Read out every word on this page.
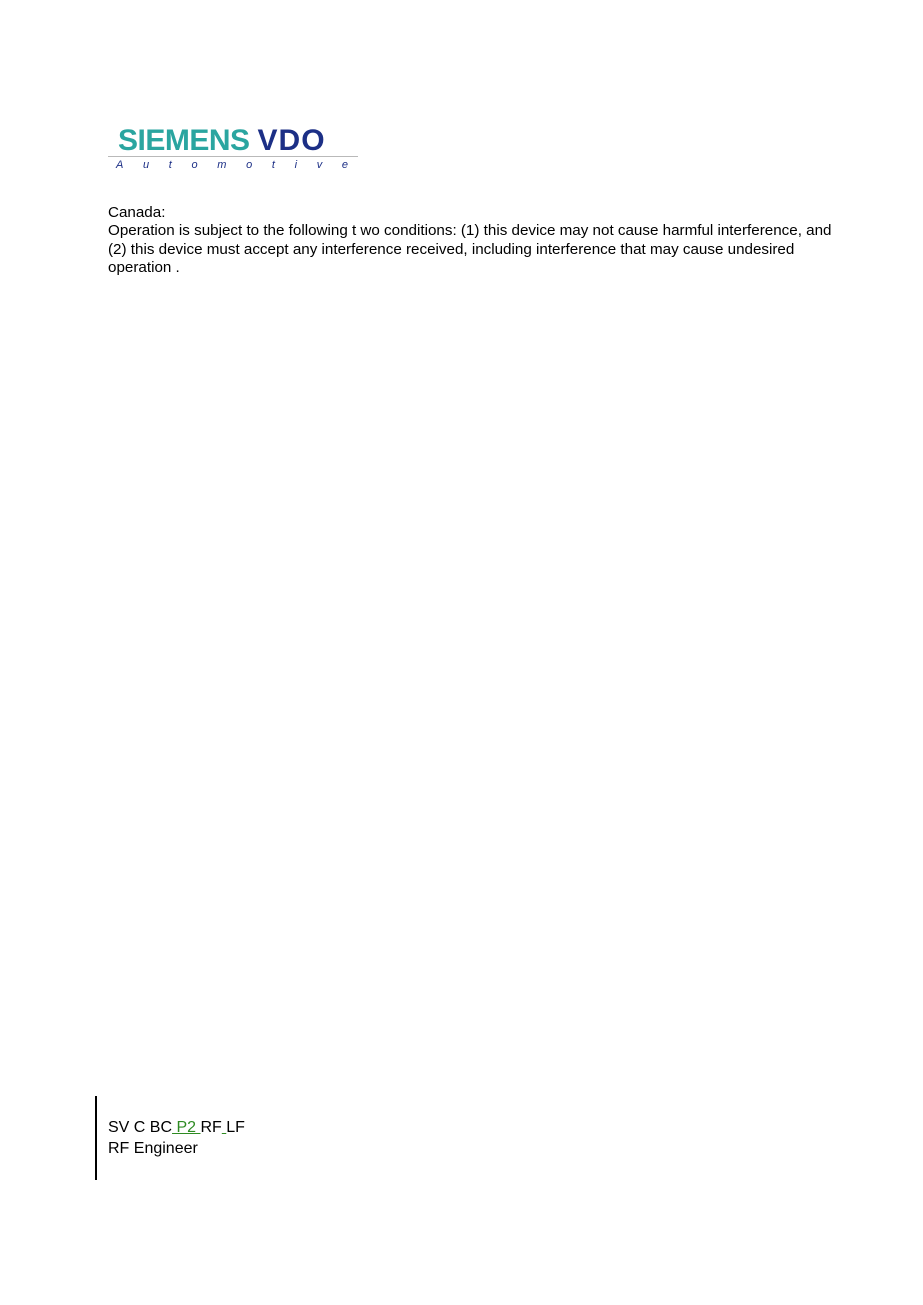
SIEMENS VDO
A u t o m o t i v e
Canada:

Operation is subject to the following t wo conditions: (1) this device may not cause harmful interference, and (2) this device must accept any interference received, including interference that may cause undesired operation .

SV C BC P2 RF LF
RF Engineer
